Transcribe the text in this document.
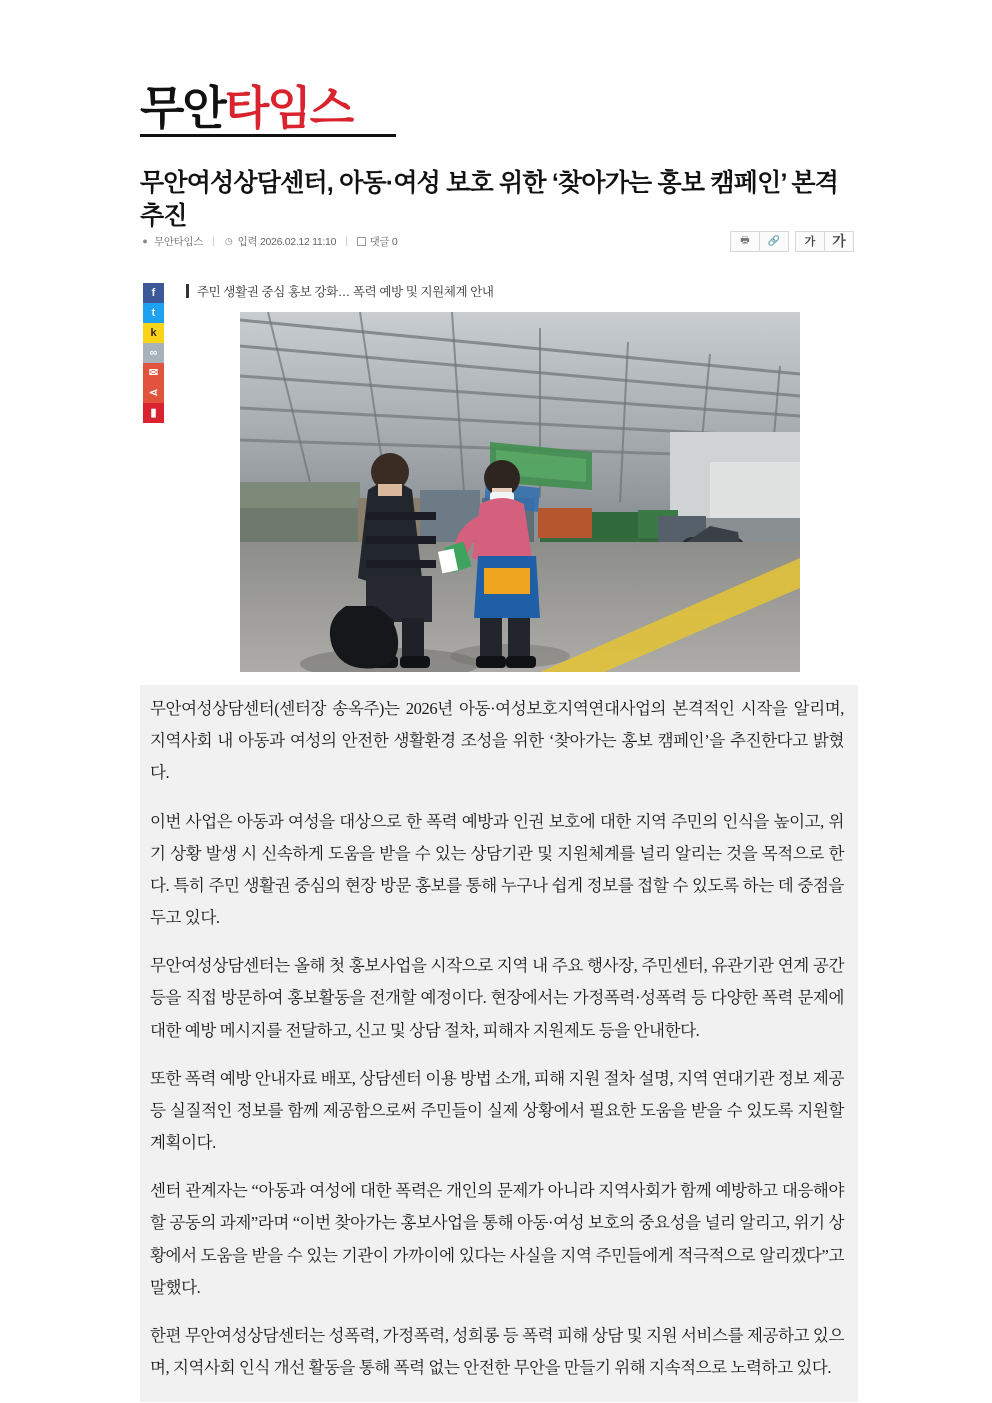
무안타임스
무안여성상담센터, 아동·여성 보호 위한 ‘찾아가는 홍보 캠페인’ 본격 추진
● 무안타임스 | ◷ 입력 2026.02.12 11:10 | 댓글 0	🖶 🔗	가	가
f
t
k
∞
✉
⋖
▮
주민 생활권 중심 홍보 강화… 폭력 예방 및 지원체계 안내

무안여성상담센터(센터장 송옥주)는 2026년 아동·여성보호지역연대사업의 본격적인 시작을 알리며, 지역사회 내 아동과 여성의 안전한 생활환경 조성을 위한 ‘찾아가는 홍보 캠페인’을 추진한다고 밝혔다.

이번 사업은 아동과 여성을 대상으로 한 폭력 예방과 인권 보호에 대한 지역 주민의 인식을 높이고, 위기 상황 발생 시 신속하게 도움을 받을 수 있는 상담기관 및 지원체계를 널리 알리는 것을 목적으로 한다. 특히 주민 생활권 중심의 현장 방문 홍보를 통해 누구나 쉽게 정보를 접할 수 있도록 하는 데 중점을 두고 있다.

무안여성상담센터는 올해 첫 홍보사업을 시작으로 지역 내 주요 행사장, 주민센터, 유관기관 연계 공간 등을 직접 방문하여 홍보활동을 전개할 예정이다. 현장에서는 가정폭력·성폭력 등 다양한 폭력 문제에 대한 예방 메시지를 전달하고, 신고 및 상담 절차, 피해자 지원제도 등을 안내한다.

또한 폭력 예방 안내자료 배포, 상담센터 이용 방법 소개, 피해 지원 절차 설명, 지역 연대기관 정보 제공 등 실질적인 정보를 함께 제공함으로써 주민들이 실제 상황에서 필요한 도움을 받을 수 있도록 지원할 계획이다.

센터 관계자는 “아동과 여성에 대한 폭력은 개인의 문제가 아니라 지역사회가 함께 예방하고 대응해야 할 공동의 과제”라며 “이번 찾아가는 홍보사업을 통해 아동·여성 보호의 중요성을 널리 알리고, 위기 상황에서 도움을 받을 수 있는 기관이 가까이에 있다는 사실을 지역 주민들에게 적극적으로 알리겠다”고 말했다.

한편 무안여성상담센터는 성폭력, 가정폭력, 성희롱 등 폭력 피해 상담 및 지원 서비스를 제공하고 있으며, 지역사회 인식 개선 활동을 통해 폭력 없는 안전한 무안을 만들기 위해 지속적으로 노력하고 있다.
